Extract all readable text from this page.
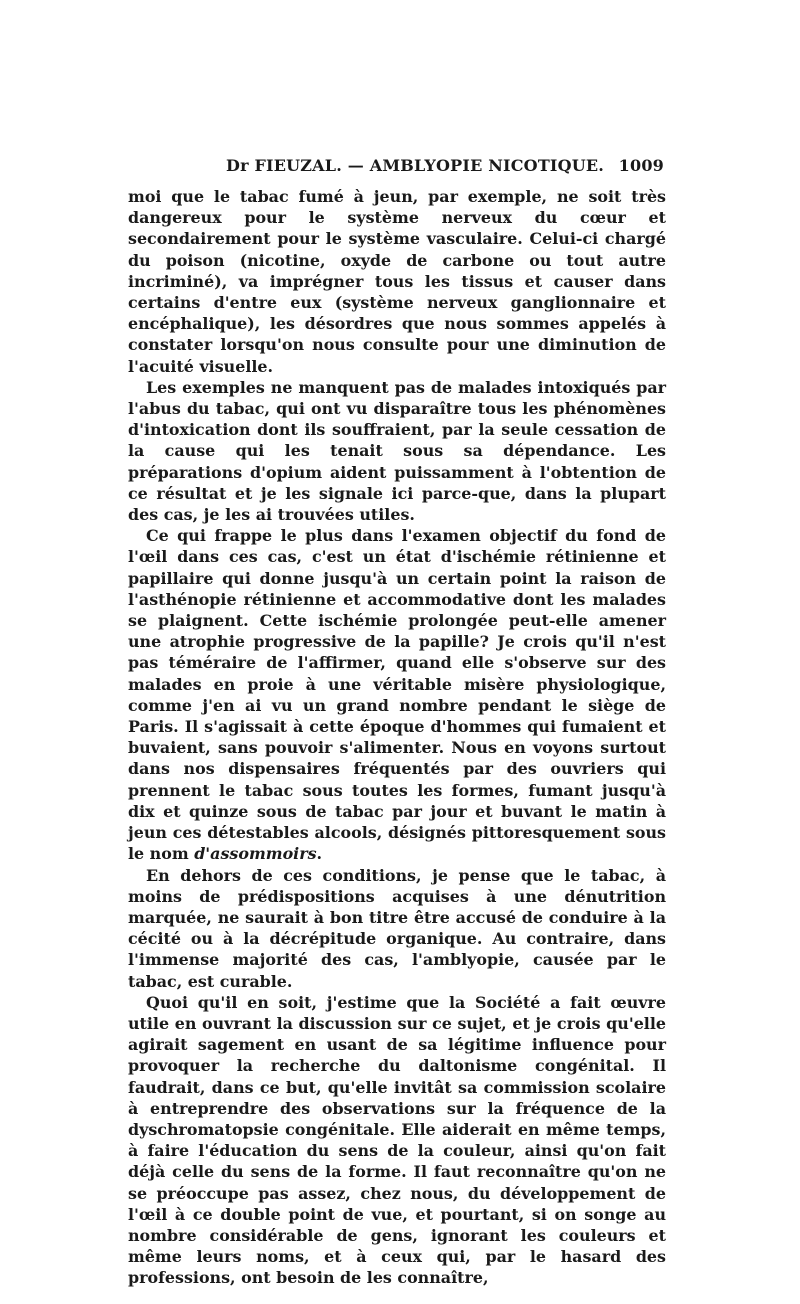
Dr FIEUZAL. — AMBLYOPIE NICOTIQUE. 1009

moi que le tabac fumé à jeun, par exemple, ne soit très dangereux pour le système nerveux du cœur et secondairement pour le système vasculaire. Celui-ci chargé du poison (nicotine, oxyde de carbone ou tout autre incriminé), va imprégner tous les tissus et causer dans certains d'entre eux (système nerveux ganglionnaire et encéphalique), les désordres que nous sommes appelés à constater lorsqu'on nous consulte pour une diminution de l'acuité visuelle.

Les exemples ne manquent pas de malades intoxiqués par l'abus du tabac, qui ont vu disparaître tous les phénomènes d'intoxication dont ils souffraient, par la seule cessation de la cause qui les tenait sous sa dépendance. Les préparations d'opium aident puissamment à l'obtention de ce résultat et je les signale ici parce-que, dans la plupart des cas, je les ai trouvées utiles.

Ce qui frappe le plus dans l'examen objectif du fond de l'œil dans ces cas, c'est un état d'ischémie rétinienne et papillaire qui donne jusqu'à un certain point la raison de l'asthénopie rétinienne et accommodative dont les malades se plaignent. Cette ischémie prolongée peut-elle amener une atrophie progressive de la papille? Je crois qu'il n'est pas téméraire de l'affirmer, quand elle s'observe sur des malades en proie à une véritable misère physiologique, comme j'en ai vu un grand nombre pendant le siège de Paris. Il s'agissait à cette époque d'hommes qui fumaient et buvaient, sans pouvoir s'alimenter. Nous en voyons surtout dans nos dispensaires fréquentés par des ouvriers qui prennent le tabac sous toutes les formes, fumant jusqu'à dix et quinze sous de tabac par jour et buvant le matin à jeun ces détestables alcools, désignés pittoresquement sous le nom d'assommoirs.

En dehors de ces conditions, je pense que le tabac, à moins de prédispositions acquises à une dénutrition marquée, ne saurait à bon titre être accusé de conduire à la cécité ou à la décrépitude organique. Au contraire, dans l'immense majorité des cas, l'amblyopie, causée par le tabac, est curable.

Quoi qu'il en soit, j'estime que la Société a fait œuvre utile en ouvrant la discussion sur ce sujet, et je crois qu'elle agirait sagement en usant de sa légitime influence pour provoquer la recherche du daltonisme congénital. Il faudrait, dans ce but, qu'elle invitât sa commission scolaire à entreprendre des observations sur la fréquence de la dyschromatopsie congénitale. Elle aiderait en même temps, à faire l'éducation du sens de la couleur, ainsi qu'on fait déjà celle du sens de la forme. Il faut reconnaître qu'on ne se préoccupe pas assez, chez nous, du développement de l'œil à ce double point de vue, et pourtant, si on songe au nombre considérable de gens, ignorant les couleurs et même leurs noms, et à ceux qui, par le hasard des professions, ont besoin de les connaître,
